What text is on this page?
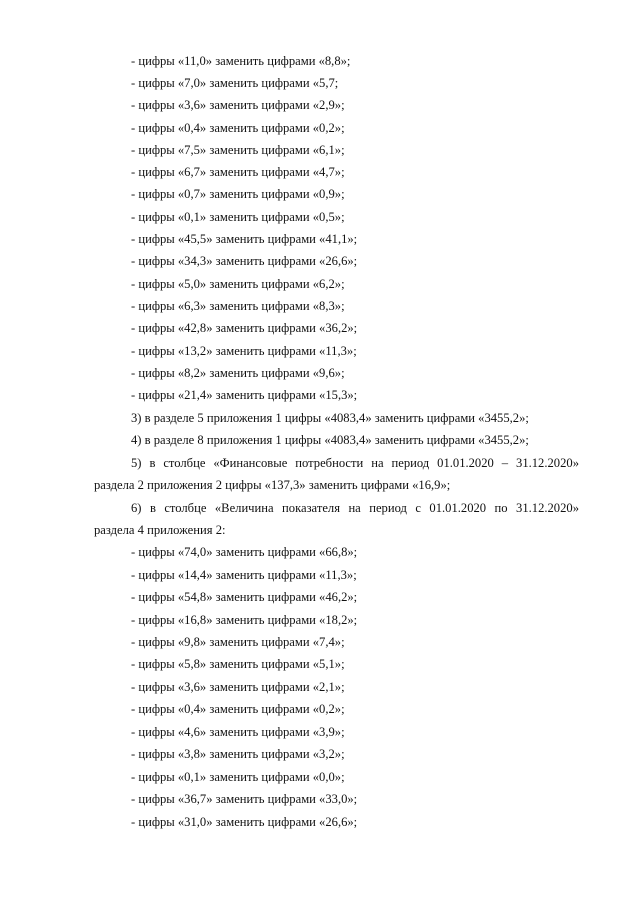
- цифры «11,0» заменить цифрами «8,8»;
- цифры «7,0» заменить цифрами «5,7;
- цифры «3,6» заменить цифрами «2,9»;
- цифры «0,4» заменить цифрами «0,2»;
- цифры «7,5» заменить цифрами «6,1»;
- цифры «6,7» заменить цифрами «4,7»;
- цифры «0,7» заменить цифрами «0,9»;
- цифры «0,1» заменить цифрами «0,5»;
- цифры «45,5» заменить цифрами «41,1»;
- цифры «34,3» заменить цифрами «26,6»;
- цифры «5,0» заменить цифрами «6,2»;
- цифры «6,3» заменить цифрами «8,3»;
- цифры «42,8» заменить цифрами «36,2»;
- цифры «13,2» заменить цифрами «11,3»;
- цифры «8,2» заменить цифрами «9,6»;
- цифры «21,4» заменить цифрами «15,3»;
3) в разделе 5 приложения 1 цифры «4083,4» заменить цифрами «3455,2»;
4) в разделе 8 приложения 1 цифры «4083,4» заменить цифрами «3455,2»;
5) в столбце «Финансовые потребности на период 01.01.2020 – 31.12.2020»
раздела 2 приложения 2 цифры «137,3» заменить цифрами «16,9»;
6) в столбце «Величина показателя на период с 01.01.2020 по 31.12.2020»
раздела 4 приложения 2:
- цифры «74,0» заменить цифрами «66,8»;
- цифры «14,4» заменить цифрами «11,3»;
- цифры «54,8» заменить цифрами «46,2»;
- цифры «16,8» заменить цифрами «18,2»;
- цифры «9,8» заменить цифрами «7,4»;
- цифры «5,8» заменить цифрами «5,1»;
- цифры «3,6» заменить цифрами «2,1»;
- цифры «0,4» заменить цифрами «0,2»;
- цифры «4,6» заменить цифрами «3,9»;
- цифры «3,8» заменить цифрами «3,2»;
- цифры «0,1» заменить цифрами «0,0»;
- цифры «36,7» заменить цифрами «33,0»;
- цифры «31,0» заменить цифрами «26,6»;
